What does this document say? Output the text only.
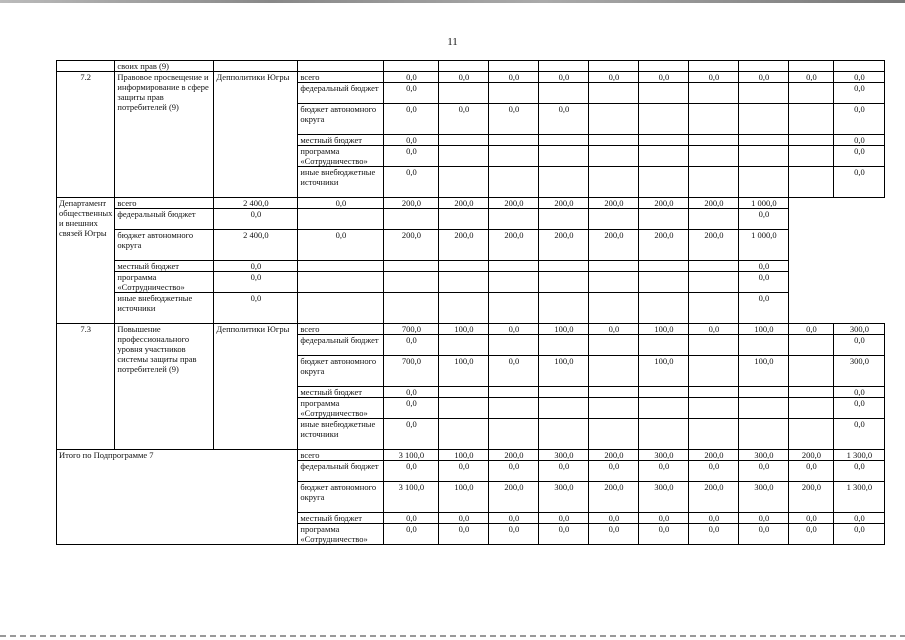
11
	своих прав (9)												
7.2	Правовое просвещение и информирование в сфере защиты прав потребителей (9)	Депполитики Югры	всего	0,0	0,0	0,0	0,0	0,0	0,0	0,0	0,0	0,0	0,0
			федеральный бюджет	0,0									0,0
			бюджет автономного округа	0,0	0,0	0,0	0,0						0,0
			местный бюджет	0,0									0,0
			программа «Сотрудничество»	0,0									0,0
			иные внебюджетные источники	0,0									0,0
Департамент общественных и внешних связей Югры	всего	2 400,0	0,0	200,0	200,0	200,0	200,0	200,0	200,0	200,0	1 000,0		
	федеральный бюджет	0,0									0,0		
	бюджет автономного округа	2 400,0	0,0	200,0	200,0	200,0	200,0	200,0	200,0	200,0	1 000,0		
	местный бюджет	0,0									0,0		
	программа «Сотрудничество»	0,0									0,0		
	иные внебюджетные источники	0,0									0,0		
7.3	Повышение профессионального уровня участников системы защиты прав потребителей (9)	Депполитики Югры	всего	700,0	100,0	0,0	100,0	0,0	100,0	0,0	100,0	0,0	300,0
			федеральный бюджет	0,0									0,0
			бюджет автономного округа	700,0	100,0	0,0	100,0		100,0		100,0		300,0
			местный бюджет	0,0									0,0
			программа «Сотрудничество»	0,0									0,0
			иные внебюджетные источники	0,0									0,0
Итого по Подпрограмме 7			всего	3 100,0	100,0	200,0	300,0	200,0	300,0	200,0	300,0	200,0	1 300,0
			федеральный бюджет	0,0	0,0	0,0	0,0	0,0	0,0	0,0	0,0	0,0	0,0
			бюджет автономного округа	3 100,0	100,0	200,0	300,0	200,0	300,0	200,0	300,0	200,0	1 300,0
			местный бюджет	0,0	0,0	0,0	0,0	0,0	0,0	0,0	0,0	0,0	0,0
			программа «Сотрудничество»	0,0	0,0	0,0	0,0	0,0	0,0	0,0	0,0	0,0	0,0
